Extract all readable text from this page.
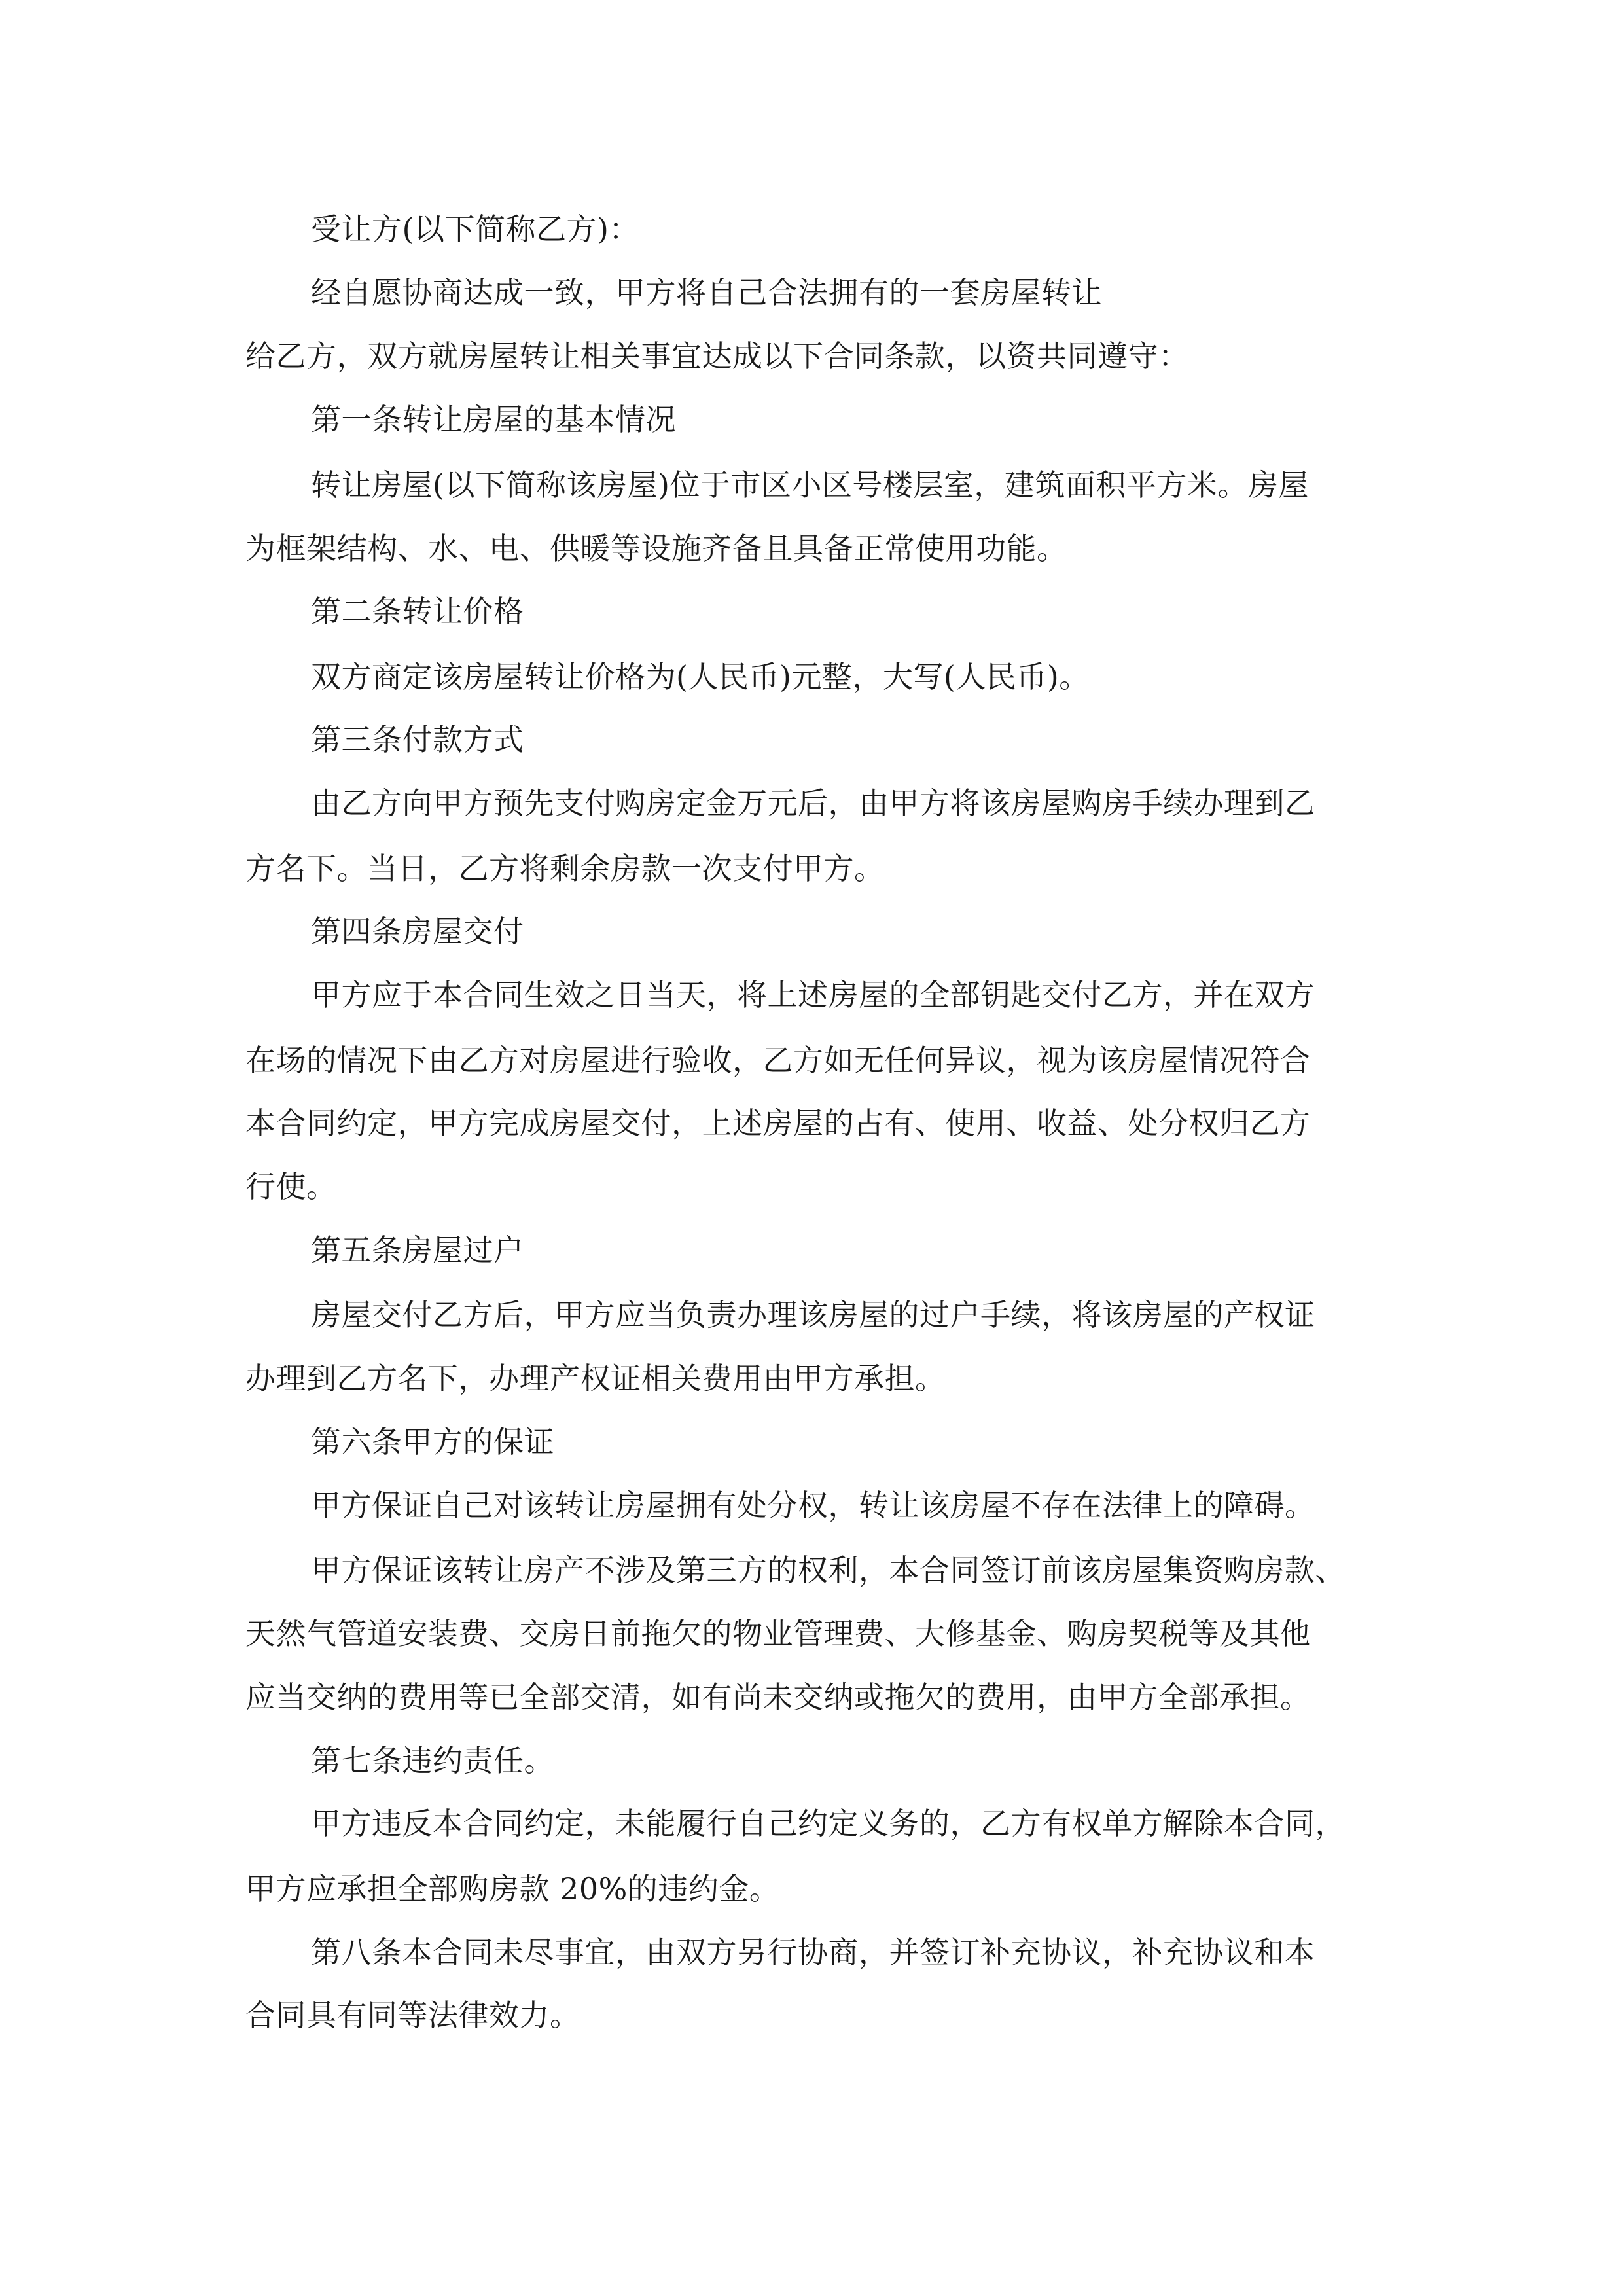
受让方(以下简称乙方)：
经自愿协商达成一致，甲方将自己合法拥有的一套房屋转让
给乙方，双方就房屋转让相关事宜达成以下合同条款，以资共同遵守：
第一条转让房屋的基本情况
转让房屋(以下简称该房屋)位于市区小区号楼层室，建筑面积平方米。房屋
为框架结构、水、电、供暖等设施齐备且具备正常使用功能。
第二条转让价格
双方商定该房屋转让价格为(人民币)元整，大写(人民币)。
第三条付款方式
由乙方向甲方预先支付购房定金万元后，由甲方将该房屋购房手续办理到乙
方名下。当日，乙方将剩余房款一次支付甲方。
第四条房屋交付
甲方应于本合同生效之日当天，将上述房屋的全部钥匙交付乙方，并在双方
在场的情况下由乙方对房屋进行验收，乙方如无任何异议，视为该房屋情况符合
本合同约定，甲方完成房屋交付，上述房屋的占有、使用、收益、处分权归乙方
行使。
第五条房屋过户
房屋交付乙方后，甲方应当负责办理该房屋的过户手续，将该房屋的产权证
办理到乙方名下，办理产权证相关费用由甲方承担。
第六条甲方的保证
甲方保证自己对该转让房屋拥有处分权，转让该房屋不存在法律上的障碍。
甲方保证该转让房产不涉及第三方的权利，本合同签订前该房屋集资购房款、
天然气管道安装费、交房日前拖欠的物业管理费、大修基金、购房契税等及其他
应当交纳的费用等已全部交清，如有尚未交纳或拖欠的费用，由甲方全部承担。
第七条违约责任。
甲方违反本合同约定，未能履行自己约定义务的，乙方有权单方解除本合同，
甲方应承担全部购房款 20%的违约金。
第八条本合同未尽事宜，由双方另行协商，并签订补充协议，补充协议和本
合同具有同等法律效力。
